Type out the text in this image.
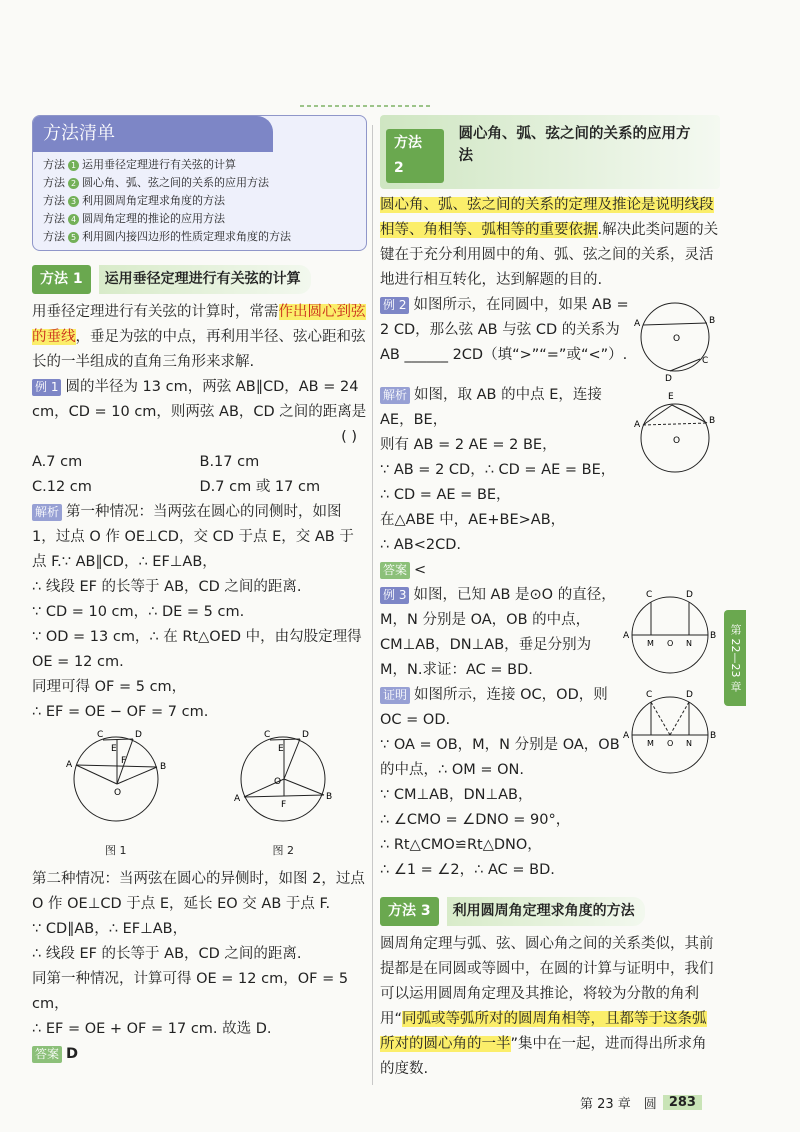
方法清单
方法 1 运用垂径定理进行有关弦的计算
方法 2 圆心角、弧、弦之间的关系的应用方法
方法 3 利用圆周角定理求角度的方法
方法 4 圆周角定理的推论的应用方法
方法 5 利用圆内接四边形的性质定理求角度的方法
方法 1	运用垂径定理进行有关弦的计算

用垂径定理进行有关弦的计算时，常需作出圆心到弦的垂线，垂足为弦的中点，再利用半径、弦心距和弦长的一半组成的直角三角形来求解.

例 1 圆的半径为 13 cm，两弦 AB∥CD，AB = 24 cm，CD = 10 cm，则两弦 AB，CD 之间的距离是

( )

A.7 cm	B.17 cm
C.12 cm	D.7 cm 或 17 cm

解析 第一种情况：当两弦在圆心的同侧时，如图 1，过点 O 作 OE⊥CD，交 CD 于点 E，交 AB 于点 F.∵ AB∥CD，∴ EF⊥AB，

∴ 线段 EF 的长等于 AB，CD 之间的距离.

∵ CD = 10 cm，∴ DE = 5 cm.

∵ OD = 13 cm，∴ 在 Rt△OED 中，由勾股定理得 OE = 12 cm.

同理可得 OF = 5 cm，

∴ EF = OE − OF = 7 cm.

C	D
A	B
E
F
O
图 1
C	D
A	B
E
F
O
图 2

第二种情况：当两弦在圆心的异侧时，如图 2，过点 O 作 OE⊥CD 于点 E，延长 EO 交 AB 于点 F.

∵ CD∥AB，∴ EF⊥AB，

∴ 线段 EF 的长等于 AB，CD 之间的距离.

同第一种情况，计算可得 OE = 12 cm，OF = 5 cm，

∴ EF = OE + OF = 17 cm. 故选 D.

答案 D

方法 2
圆心角、弧、弦之间的关系的应用方法

圆心角、弧、弦之间的关系的定理及推论是说明线段相等、角相等、弧相等的重要依据.解决此类问题的关键在于充分利用圆中的角、弧、弦之间的关系，灵活地进行相互转化，达到解题的目的.

例 2 如图所示，在同圆中，如果 AB = 2 CD，那么弦 AB 与弦 CD 的关系为 AB ______ 2CD（填“>”“=”或“<”）.

A	B
C
D
O

解析 如图，取 AB 的中点 E，连接 AE，BE，

则有 AB = 2 AE = 2 BE，

∵ AB = 2 CD，∴ CD = AE = BE，

∴ CD = AE = BE，

在△ABE 中，AE+BE>AB，

∴ AB<2CD.

E
A	B
O

答案 <

例 3 如图，已知 AB 是⊙O 的直径，M，N 分别是 OA，OB 的中点，CM⊥AB，DN⊥AB，垂足分别为 M，N.求证：AC = BD.

C	D
A	B
M O N

证明 如图所示，连接 OC，OD，则 OC = OD.

∵ OA = OB，M，N 分别是 OA，OB 的中点，∴ OM = ON.

∵ CM⊥AB，DN⊥AB，

∴ ∠CMO = ∠DNO = 90°，

∴ Rt△CMO≌Rt△DNO，

∴ ∠1 = ∠2，∴ AC = BD.

C	D
A	B
M O N
方法 3	利用圆周角定理求角度的方法

圆周角定理与弧、弦、圆心角之间的关系类似，其前提都是在同圆或等圆中，在圆的计算与证明中，我们可以运用圆周角定理及其推论，将较为分散的角利用“同弧或等弧所对的圆周角相等，且都等于这条弧所对的圆心角的一半”集中在一起，进而得出所求角的度数.

第 22—23 章
第 23 章　圆 283
